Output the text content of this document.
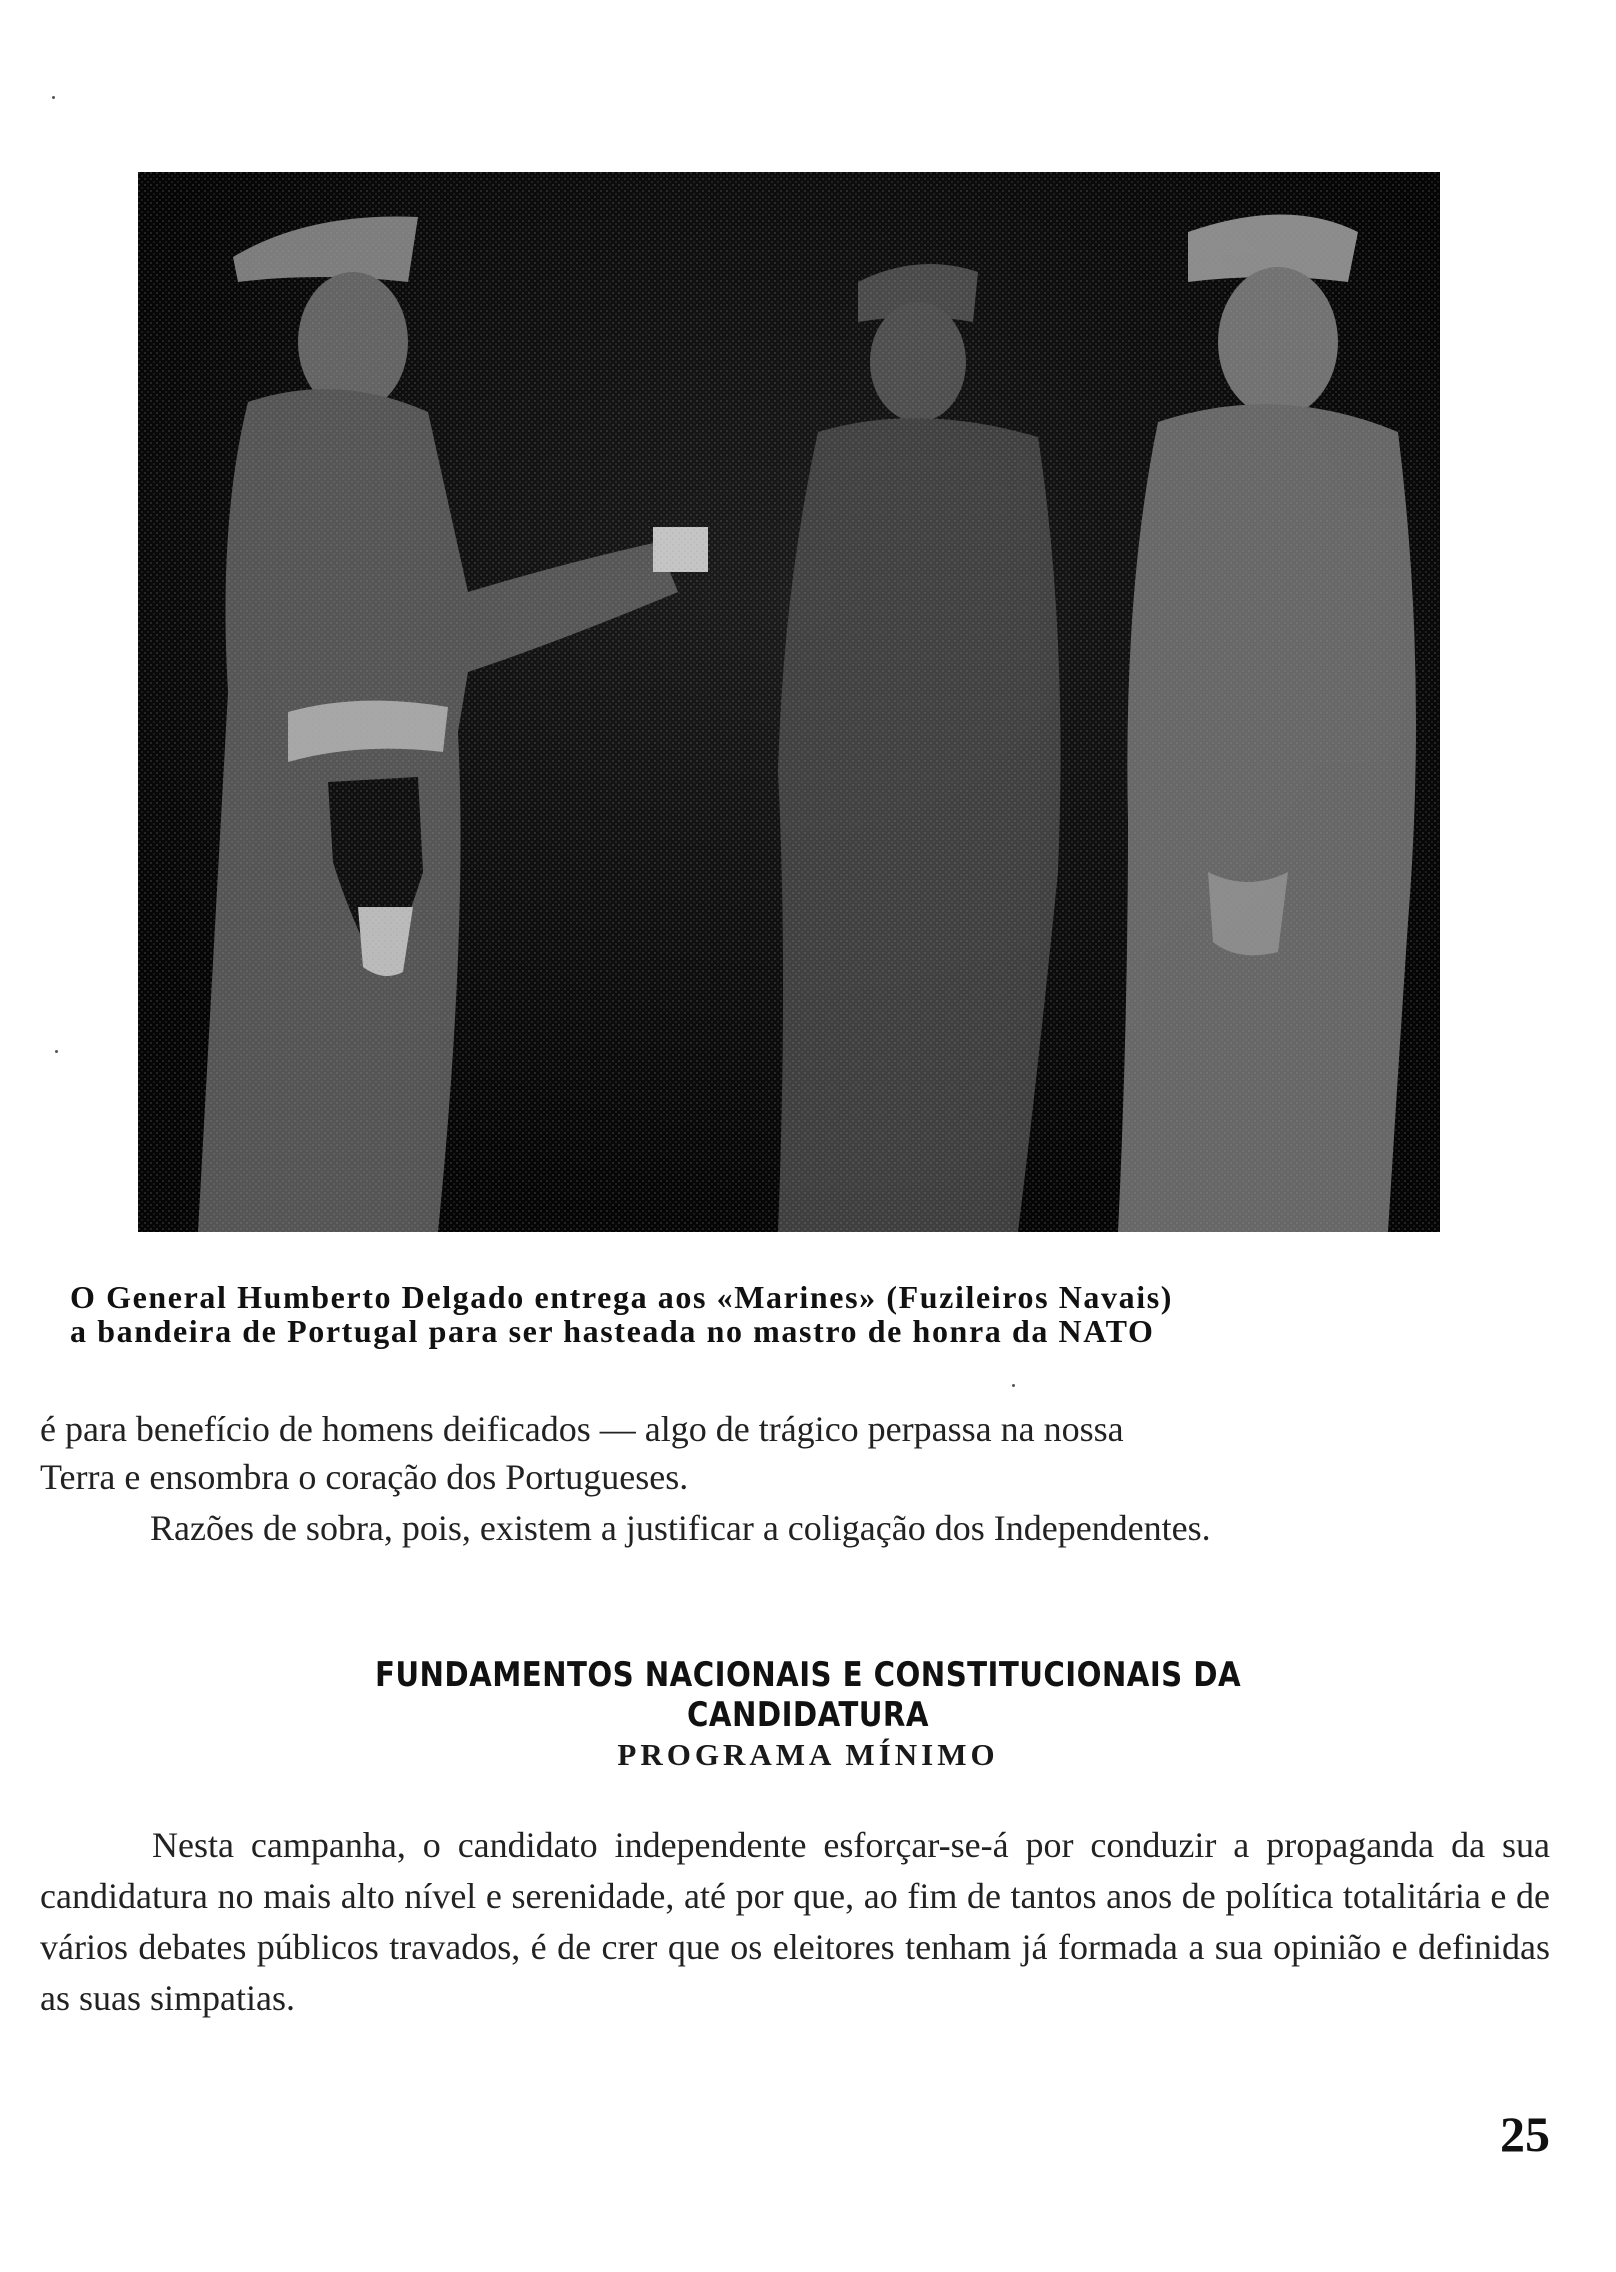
O General Humberto Delgado entrega aos «Marines» (Fuzileiros Navais)

a bandeira de Portugal para ser hasteada no mastro de honra da NATO

é para benefício de homens deificados — algo de trágico perpassa na nossa

Terra e ensombra o coração dos Portugueses.

Razões de sobra, pois, existem a justificar a coligação dos Independentes.

FUNDAMENTOS NACIONAIS E CONSTITUCIONAIS DA CANDIDATURA
PROGRAMA MÍNIMO

Nesta campanha, o candidato independente esforçar-se-á por conduzir a propaganda da sua candidatura no mais alto nível e serenidade, até por que, ao fim de tantos anos de política totalitária e de vários debates públicos travados, é de crer que os eleitores tenham já formada a sua opinião e definidas as suas simpatias.

25
